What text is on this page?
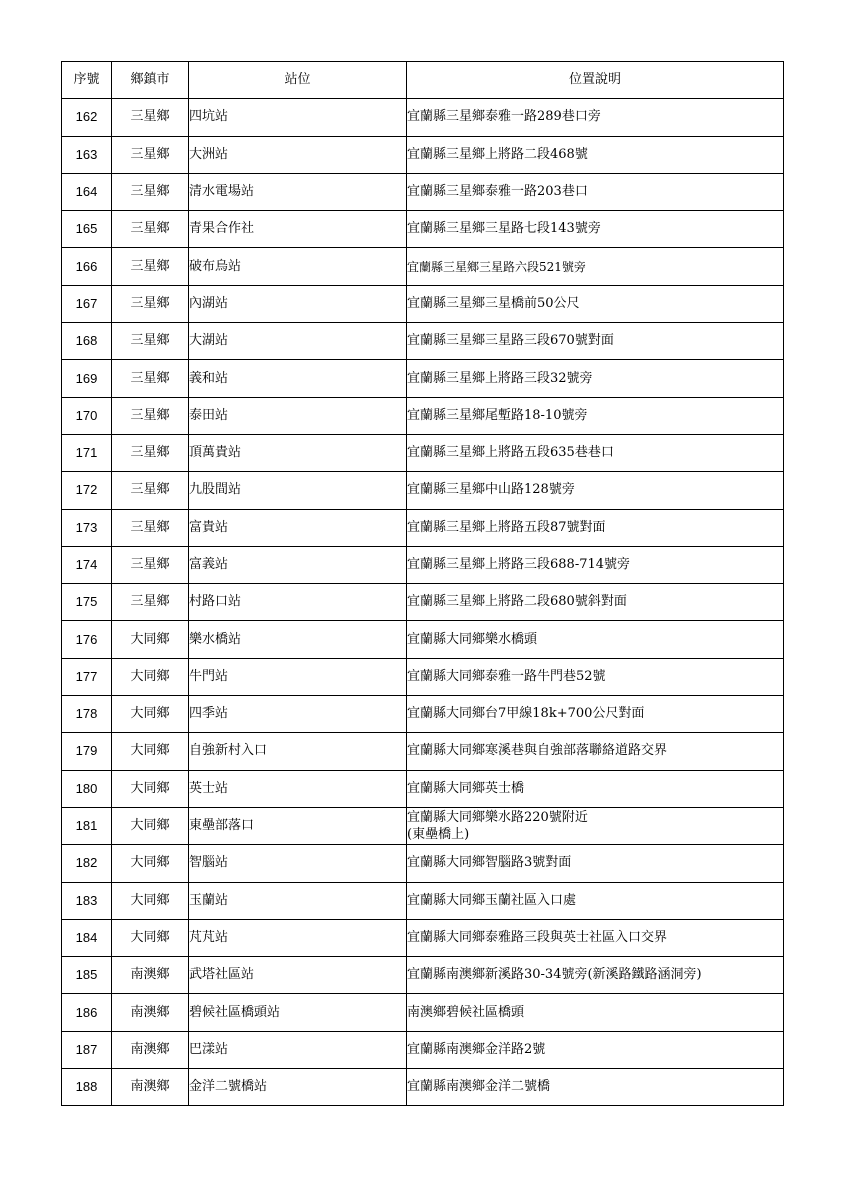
序號	鄉鎮市	站位	位置說明
162	三星鄉	四坑站	宜蘭縣三星鄉泰雅一路289巷口旁
163	三星鄉	大洲站	宜蘭縣三星鄉上將路二段468號
164	三星鄉	清水電場站	宜蘭縣三星鄉泰雅一路203巷口
165	三星鄉	青果合作社	宜蘭縣三星鄉三星路七段143號旁
166	三星鄉	破布烏站	宜蘭縣三星鄉三星路六段521號旁
167	三星鄉	內湖站	宜蘭縣三星鄉三星橋前50公尺
168	三星鄉	大湖站	宜蘭縣三星鄉三星路三段670號對面
169	三星鄉	義和站	宜蘭縣三星鄉上將路三段32號旁
170	三星鄉	泰田站	宜蘭縣三星鄉尾塹路18-10號旁
171	三星鄉	頂萬貴站	宜蘭縣三星鄉上將路五段635巷巷口
172	三星鄉	九股間站	宜蘭縣三星鄉中山路128號旁
173	三星鄉	富貴站	宜蘭縣三星鄉上將路五段87號對面
174	三星鄉	富義站	宜蘭縣三星鄉上將路三段688-714號旁
175	三星鄉	村路口站	宜蘭縣三星鄉上將路二段680號斜對面
176	大同鄉	樂水橋站	宜蘭縣大同鄉樂水橋頭
177	大同鄉	牛門站	宜蘭縣大同鄉泰雅一路牛門巷52號
178	大同鄉	四季站	宜蘭縣大同鄉台7甲線18k+700公尺對面
179	大同鄉	自強新村入口	宜蘭縣大同鄉寒溪巷與自強部落聯絡道路交界
180	大同鄉	英士站	宜蘭縣大同鄉英士橋
181	大同鄉	東壘部落口	宜蘭縣大同鄉樂水路220號附近
(東壘橋上)

182	大同鄉	智腦站	宜蘭縣大同鄉智腦路3號對面
183	大同鄉	玉蘭站	宜蘭縣大同鄉玉蘭社區入口處
184	大同鄉	芃芃站	宜蘭縣大同鄉泰雅路三段與英士社區入口交界
185	南澳鄉	武塔社區站	宜蘭縣南澳鄉新溪路30-34號旁(新溪路鐵路涵洞旁)
186	南澳鄉	碧候社區橋頭站	南澳鄉碧候社區橋頭
187	南澳鄉	巴漾站	宜蘭縣南澳鄉金洋路2號
188	南澳鄉	金洋二號橋站	宜蘭縣南澳鄉金洋二號橋
